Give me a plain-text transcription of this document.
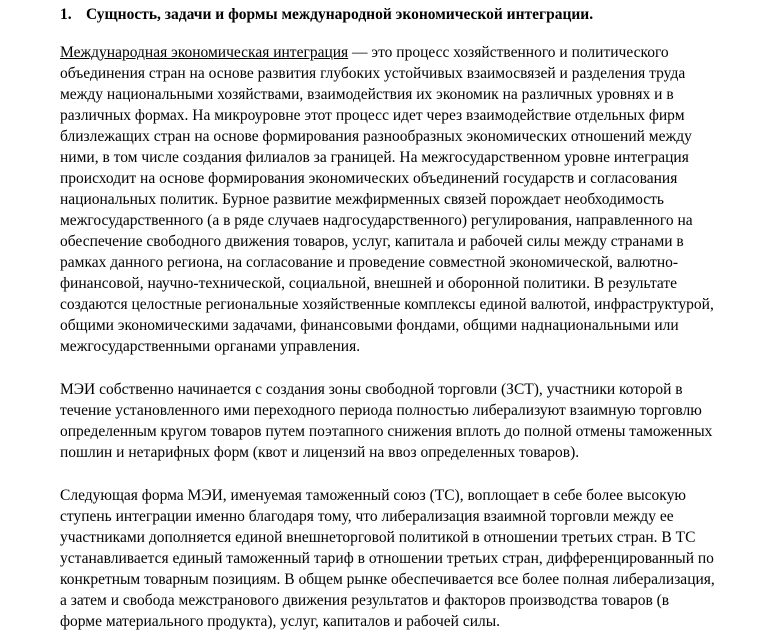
1. Сущность, задачи и формы международной экономической интеграции.
Международная экономическая интеграция — это процесс хозяйственного и политического
объединения стран на основе развития глубоких устойчивых взаимосвязей и разделения труда
между национальными хозяйствами, взаимодействия их экономик на различных уровнях и в
различных формах. На микроуровне этот процесс идет через взаимодействие отдельных фирм
близлежащих стран на основе формирования разнообразных экономических отношений между
ними, в том числе создания филиалов за границей. На межгосударственном уровне интеграция
происходит на основе формирования экономических объединений государств и согласования
национальных политик. Бурное развитие межфирменных связей порождает необходимость
межгосударственного (а в ряде случаев надгосударственного) регулирования, направленного на
обеспечение свободного движения товаров, услуг, капитала и рабочей силы между странами в
рамках данного региона, на согласование и проведение совместной экономической, валютно-
финансовой, научно-технической, социальной, внешней и оборонной политики. В результате
создаются целостные региональные хозяйственные комплексы единой валютой, инфраструктурой,
общими экономическими задачами, финансовыми фондами, общими наднациональными или
межгосударственными органами управления.
МЭИ собственно начинается с создания зоны свободной торговли (ЗСТ), участники которой в
течение установленного ими переходного периода полностью либерализуют взаимную торговлю
определенным кругом товаров путем поэтапного снижения вплоть до полной отмены таможенных
пошлин и нетарифных форм (квот и лицензий на ввоз определенных товаров).
Следующая форма МЭИ, именуемая таможенный союз (ТС), воплощает в себе более высокую
ступень интеграции именно благодаря тому, что либерализация взаимной торговли между ее
участниками дополняется единой внешнеторговой политикой в отношении третьих стран. В ТС
устанавливается единый таможенный тариф в отношении третьих стран, дифференцированный по
конкретным товарным позициям. В общем рынке обеспечивается все более полная либерализация,
а затем и свобода межстранового движения результатов и факторов производства товаров (в
форме материального продукта), услуг, капиталов и рабочей силы.
